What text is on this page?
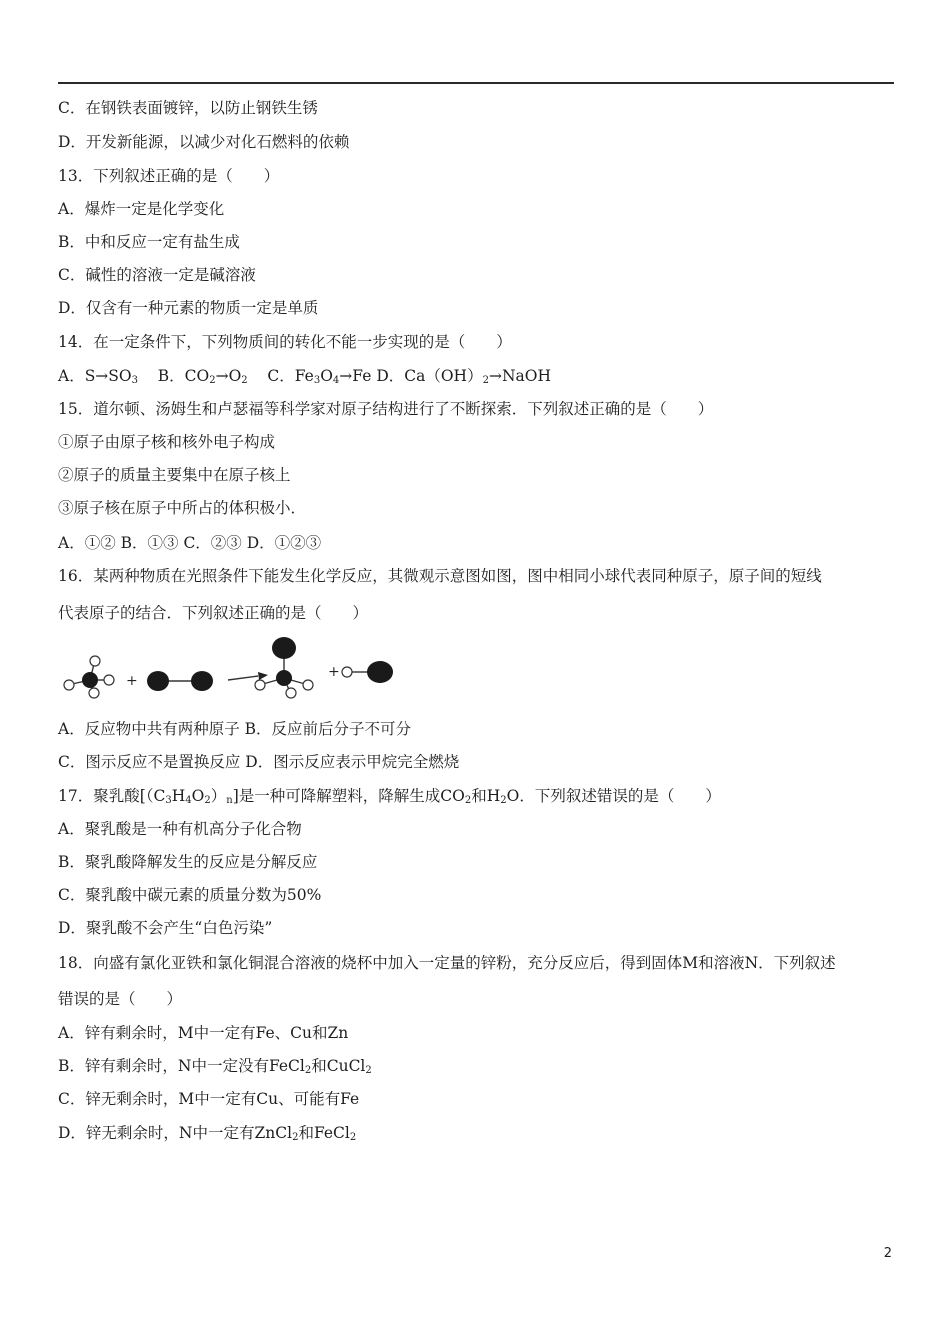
C．在钢铁表面镀锌，以防止钢铁生锈
D．开发新能源，以减少对化石燃料的依赖
13．下列叙述正确的是（　　）
A．爆炸一定是化学变化
B．中和反应一定有盐生成
C．碱性的溶液一定是碱溶液
D．仅含有一种元素的物质一定是单质
14．在一定条件下，下列物质间的转化不能一步实现的是（　　）
A．$S\to SO_3$ B．$CO_2\to O_2$ C．$Fe_3O_4\to Fe$ D．$Ca(OH)_2\to NaOH$
15．道尔顿、汤姆生和卢瑟福等科学家对原子结构进行了不断探索．下列叙述正确的是（　　）
①原子由原子核和核外电子构成
②原子的质量主要集中在原子核上
③原子核在原子中所占的体积极小．
A．①② B．①③ C．②③ D．①②③
16．某两种物质在光照条件下能发生化学反应，其微观示意图如图，图中相同小球代表同种原子，原子间的短线
代表原子的结合．下列叙述正确的是（　　）
+
+
A．反应物中共有两种原子 B．反应前后分子不可分
C．图示反应不是置换反应 D．图示反应表示甲烷完全燃烧
17．聚乳酸$[(C_3H_4O_2)_n]$是一种可降解塑料，降解生成$CO_2$和$H_2O$．下列叙述错误的是（　　）
A．聚乳酸是一种有机高分子化合物
B．聚乳酸降解发生的反应是分解反应
C．聚乳酸中碳元素的质量分数为50%
D．聚乳酸不会产生“白色污染”
18．向盛有氯化亚铁和氯化铜混合溶液的烧杯中加入一定量的锌粉，充分反应后，得到固体M和溶液N．下列叙述
错误的是（　　）
A．锌有剩余时，M中一定有Fe、Cu和Zn
B．锌有剩余时，N中一定没有FeCl$_2$和CuCl$_2$
C．锌无剩余时，M中一定有Cu、可能有Fe
D．锌无剩余时，N中一定有ZnCl$_2$和FeCl$_2$
2
